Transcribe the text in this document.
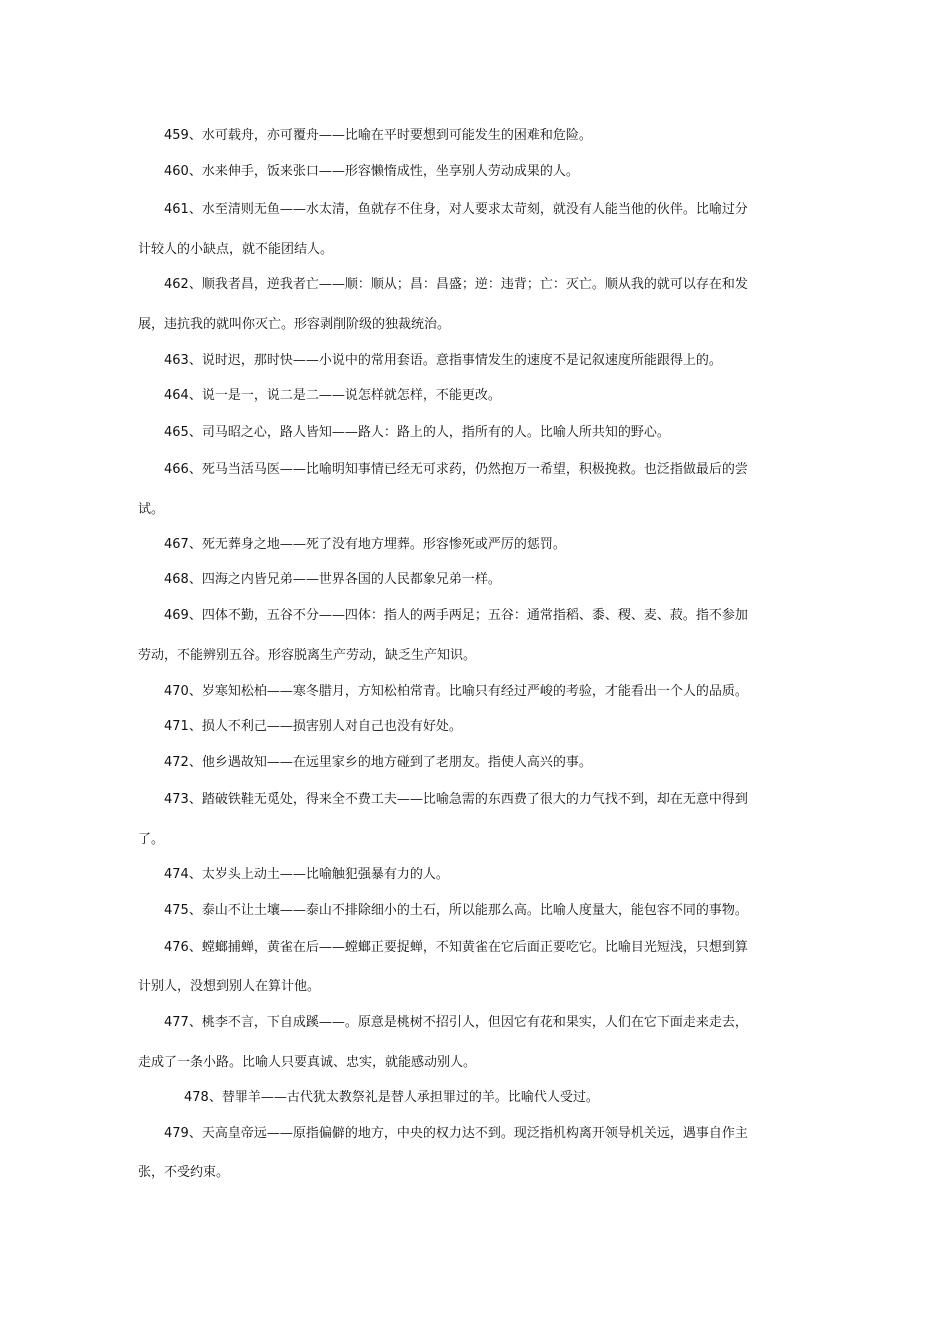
459、水可载舟，亦可覆舟——比喻在平时要想到可能发生的困难和危险。
460、水来伸手，饭来张口——形容懒惰成性，坐享别人劳动成果的人。
461、水至清则无鱼——水太清，鱼就存不住身，对人要求太苛刻，就没有人能当他的伙伴。比喻过分
计较人的小缺点，就不能团结人。
462、顺我者昌，逆我者亡——顺：顺从；昌：昌盛；逆：违背；亡：灭亡。顺从我的就可以存在和发
展，违抗我的就叫你灭亡。形容剥削阶级的独裁统治。
463、说时迟，那时快——小说中的常用套语。意指事情发生的速度不是记叙速度所能跟得上的。
464、说一是一，说二是二——说怎样就怎样，不能更改。
465、司马昭之心，路人皆知——路人：路上的人，指所有的人。比喻人所共知的野心。
466、死马当活马医——比喻明知事情已经无可求药，仍然抱万一希望，积极挽救。也泛指做最后的尝
试。
467、死无葬身之地——死了没有地方埋葬。形容惨死或严厉的惩罚。
468、四海之内皆兄弟——世界各国的人民都象兄弟一样。
469、四体不勤，五谷不分——四体：指人的两手两足；五谷：通常指稻、黍、稷、麦、菽。指不参加
劳动，不能辨别五谷。形容脱离生产劳动，缺乏生产知识。
470、岁寒知松柏——寒冬腊月，方知松柏常青。比喻只有经过严峻的考验，才能看出一个人的品质。
471、损人不利己——损害别人对自己也没有好处。
472、他乡遇故知——在远里家乡的地方碰到了老朋友。指使人高兴的事。
473、踏破铁鞋无觅处，得来全不费工夫——比喻急需的东西费了很大的力气找不到，却在无意中得到
了。
474、太岁头上动土——比喻触犯强暴有力的人。
475、泰山不让土壤——泰山不排除细小的土石，所以能那么高。比喻人度量大，能包容不同的事物。
476、螳螂捕蝉，黄雀在后——螳螂正要捉蝉，不知黄雀在它后面正要吃它。比喻目光短浅，只想到算
计别人，没想到别人在算计他。
477、桃李不言，下自成蹊——。原意是桃树不招引人，但因它有花和果实，人们在它下面走来走去，
走成了一条小路。比喻人只要真诚、忠实，就能感动别人。
478、替罪羊——古代犹太教祭礼是替人承担罪过的羊。比喻代人受过。
479、天高皇帝远——原指偏僻的地方，中央的权力达不到。现泛指机构离开领导机关远，遇事自作主
张，不受约束。
